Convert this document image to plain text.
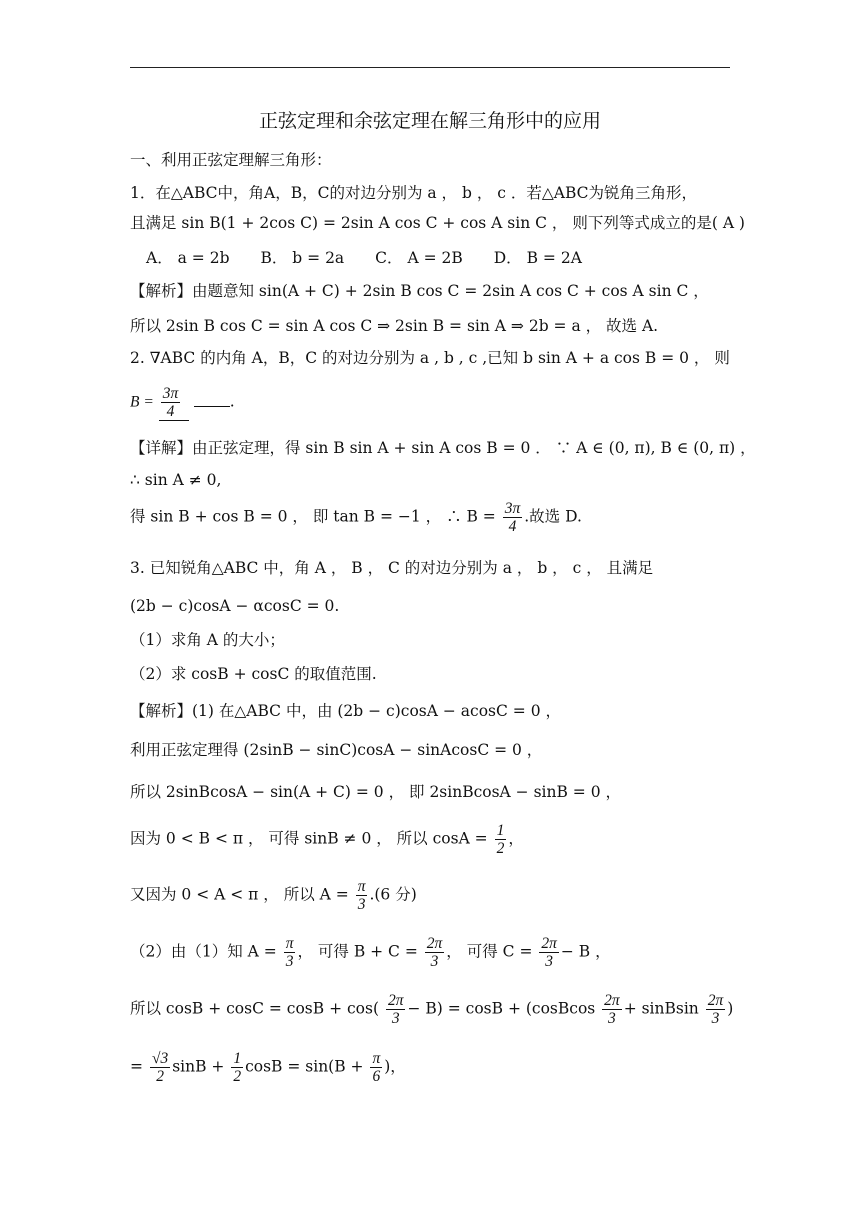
正弦定理和余弦定理在解三角形中的应用
一、利用正弦定理解三角形：
1．在△ABC中，角A，B，C的对边分别为 a ， b ， c ．若△ABC为锐角三角形，
且满足 sin B(1 + 2cos C) = 2sin A cos C + cos A sin C ， 则下列等式成立的是( A )
A． a = 2b　　B． b = 2a　　C． A = 2B　　D． B = 2A
【解析】由题意知 sin(A + C) + 2sin B cos C = 2sin A cos C + cos A sin C ，
所以 2sin B cos C = sin A cos C ⇒ 2sin B = sin A ⇒ 2b = a ， 故选 A.
2. ∇ABC 的内角 A，B，C 的对边分别为 a , b , c ,已知 b sin A + a cos B = 0 ， 则
$B = \frac{3\pi}{4}$	.
【详解】由正弦定理，得 sin B sin A + sin A cos B = 0 ． ∵ A ∈ (0, π), B ∈ (0, π) ，
∴ sin A ≠ 0,
得 sin B + cos B = 0 ， 即 tan B = −1 ， ∴ $B = \frac{3\pi}{4}$ .故选 D.
3. 已知锐角△ABC 中，角 A ， B ， C 的对边分别为 a ， b ， c ， 且满足
(2b − c)cosA − αcosC = 0.
（1）求角 A 的大小；
（2）求 cosB + cosC 的取值范围.
【解析】(1) 在△ABC 中，由 (2b − c)cosA − acosC = 0 ，
利用正弦定理得 (2sinB − sinC)cosA − sinAcosC = 0 ，
所以 2sinBcosA − sin(A + C) = 0 ， 即 2sinBcosA − sinB = 0 ，
因为 0 < B < π ， 可得 sinB ≠ 0 ， 所以 $\cos A = \frac{1}{2}$ ，
又因为 0 < A < π ， 所以 $A = \frac{\pi}{3} .(6$ 分)
（2）由（1）知 $A = \frac{\pi}{3}$ ， 可得 $B + C = \frac{2\pi}{3}$ ， 可得 $C = \frac{2\pi}{3} - B$ ，
所以 $\cos B + \cos C = \cos B + \cos( \frac{2\pi}{3} - B) = \cos B$ + (cosBcos $\frac{2\pi}{3}$ + sinBsin $\frac{2\pi}{3}$ )
= $\frac{√3}{2}$ $\sin B + \frac{1}{2}$ $\cos B = \sin(B + \frac{\pi}{6}$ )，
